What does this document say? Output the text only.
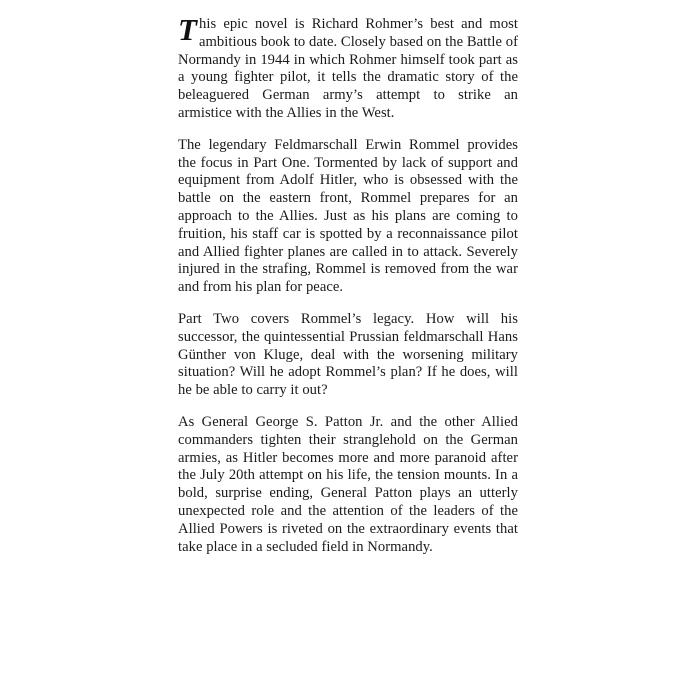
This epic novel is Richard Rohmer’s best and most ambitious book to date. Closely based on the Battle of Normandy in 1944 in which Rohmer himself took part as a young fighter pilot, it tells the dramatic story of the beleaguered German army’s attempt to strike an armistice with the Allies in the West.

The legendary Feldmarschall Erwin Rommel provides the focus in Part One. Tormented by lack of support and equipment from Adolf Hitler, who is obsessed with the battle on the eastern front, Rommel prepares for an approach to the Allies. Just as his plans are coming to fruition, his staff car is spotted by a reconnaissance pilot and Allied fighter planes are called in to attack. Severely injured in the strafing, Rommel is removed from the war and from his plan for peace.

Part Two covers Rommel’s legacy. How will his successor, the quintessential Prussian feldmarschall Hans Günther von Kluge, deal with the worsening military situation? Will he adopt Rommel’s plan? If he does, will he be able to carry it out?

As General George S. Patton Jr. and the other Allied commanders tighten their stranglehold on the German armies, as Hitler becomes more and more paranoid after the July 20th attempt on his life, the tension mounts. In a bold, surprise ending, General Patton plays an utterly unexpected role and the attention of the leaders of the Allied Powers is riveted on the extraordinary events that take place in a secluded field in Normandy.
